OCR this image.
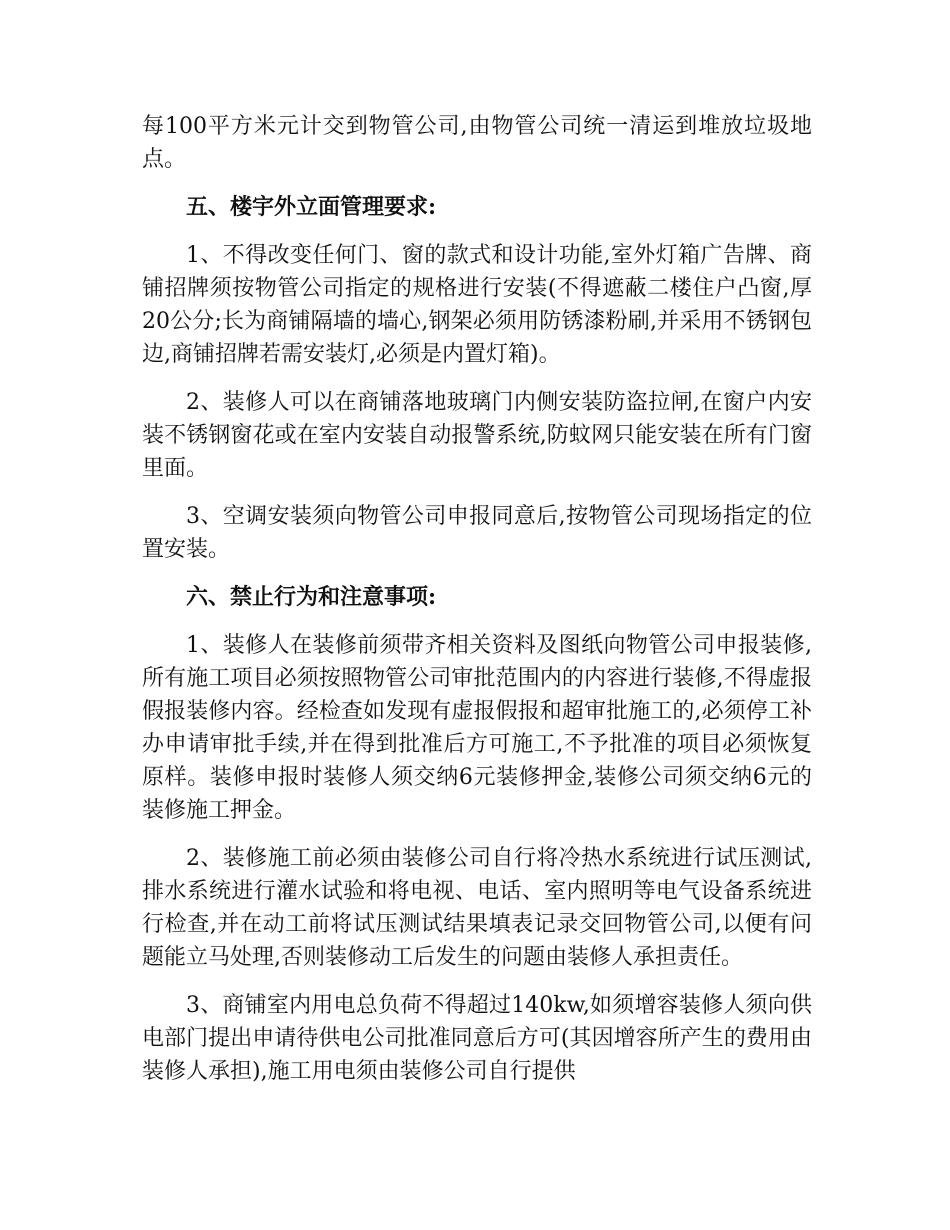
每100平方米元计交到物管公司,由物管公司统一清运到堆放垃圾地点。

五、楼宇外立面管理要求:

1、不得改变任何门、窗的款式和设计功能,室外灯箱广告牌、商铺招牌须按物管公司指定的规格进行安装(不得遮蔽二楼住户凸窗,厚20公分;长为商铺隔墙的墙心,钢架必须用防锈漆粉刷,并采用不锈钢包边,商铺招牌若需安装灯,必须是内置灯箱)。

2、装修人可以在商铺落地玻璃门内侧安装防盗拉闸,在窗户内安装不锈钢窗花或在室内安装自动报警系统,防蚊网只能安装在所有门窗里面。

3、空调安装须向物管公司申报同意后,按物管公司现场指定的位置安装。

六、禁止行为和注意事项:

1、装修人在装修前须带齐相关资料及图纸向物管公司申报装修,所有施工项目必须按照物管公司审批范围内的内容进行装修,不得虚报假报装修内容。经检查如发现有虚报假报和超审批施工的,必须停工补办申请审批手续,并在得到批准后方可施工,不予批准的项目必须恢复原样。装修申报时装修人须交纳6元装修押金,装修公司须交纳6元的装修施工押金。

2、装修施工前必须由装修公司自行将冷热水系统进行试压测试,排水系统进行灌水试验和将电视、电话、室内照明等电气设备系统进行检查,并在动工前将试压测试结果填表记录交回物管公司,以便有问题能立马处理,否则装修动工后发生的问题由装修人承担责任。

3、商铺室内用电总负荷不得超过140kw,如须增容装修人须向供电部门提出申请待供电公司批准同意后方可(其因增容所产生的费用由装修人承担),施工用电须由装修公司自行提供
